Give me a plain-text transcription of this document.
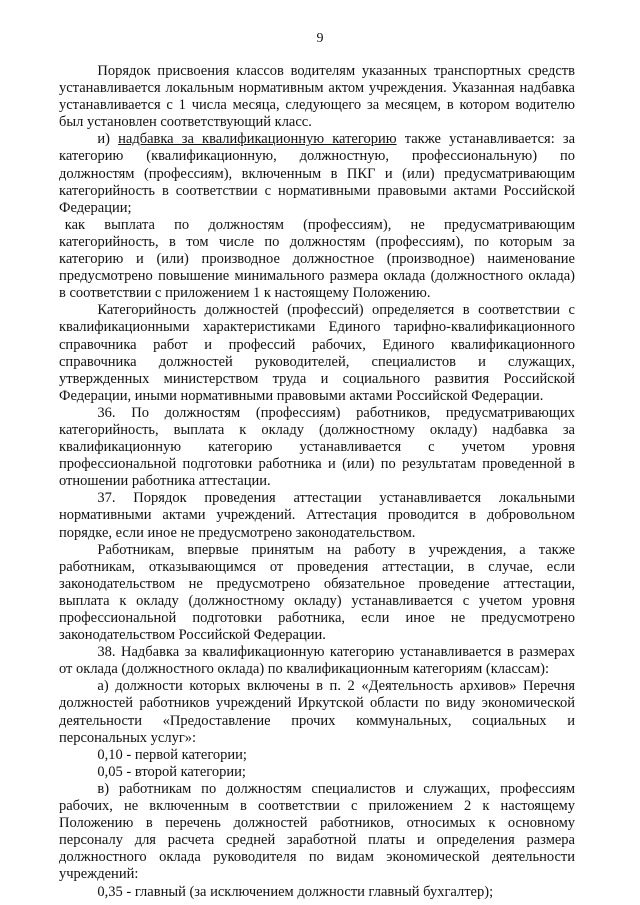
9

Порядок присвоения классов водителям указанных транспортных средств устанавливается локальным нормативным актом учреждения. Указанная надбавка устанавливается с 1 числа месяца, следующего за месяцем, в котором водителю был установлен соответствующий класс.

и) надбавка за квалификационную категорию также устанавливается: за категорию (квалификационную, должностную, профессиональную) по должностям (профессиям), включенным в ПКГ и (или) предусматривающим категорийность в соответствии с нормативными правовыми актами Российской Федерации;

как выплата по должностям (профессиям), не предусматривающим категорийность, в том числе по должностям (профессиям), по которым за категорию и (или) производное должностное (производное) наименование предусмотрено повышение минимального размера оклада (должностного оклада) в соответствии с приложением 1 к настоящему Положению.

Категорийность должностей (профессий) определяется в соответствии с квалификационными характеристиками Единого тарифно-квалификационного справочника работ и профессий рабочих, Единого квалификационного справочника должностей руководителей, специалистов и служащих, утвержденных министерством труда и социального развития Российской Федерации, иными нормативными правовыми актами Российской Федерации.

36. По должностям (профессиям) работников, предусматривающих категорийность, выплата к окладу (должностному окладу) надбавка за квалификационную категорию устанавливается с учетом уровня профессиональной подготовки работника и (или) по результатам проведенной в отношении работника аттестации.

37. Порядок проведения аттестации устанавливается локальными нормативными актами учреждений. Аттестация проводится в добровольном порядке, если иное не предусмотрено законодательством.

Работникам, впервые принятым на работу в учреждения, а также работникам, отказывающимся от проведения аттестации, в случае, если законодательством не предусмотрено обязательное проведение аттестации, выплата к окладу (должностному окладу) устанавливается с учетом уровня профессиональной подготовки работника, если иное не предусмотрено законодательством Российской Федерации.

38. Надбавка за квалификационную категорию устанавливается в размерах от оклада (должностного оклада) по квалификационным категориям (классам):

а) должности которых включены в п. 2 «Деятельность архивов» Перечня должностей работников учреждений Иркутской области по виду экономической деятельности «Предоставление прочих коммунальных, социальных и персональных услуг»:

0,10 - первой категории;

0,05 - второй категории;

в) работникам по должностям специалистов и служащих, профессиям рабочих, не включенным в соответствии с приложением 2 к настоящему Положению в перечень должностей работников, относимых к основному персоналу для расчета средней заработной платы и определения размера должностного оклада руководителя по видам экономической деятельности учреждений:

0,35 - главный (за исключением должности главный бухгалтер);
